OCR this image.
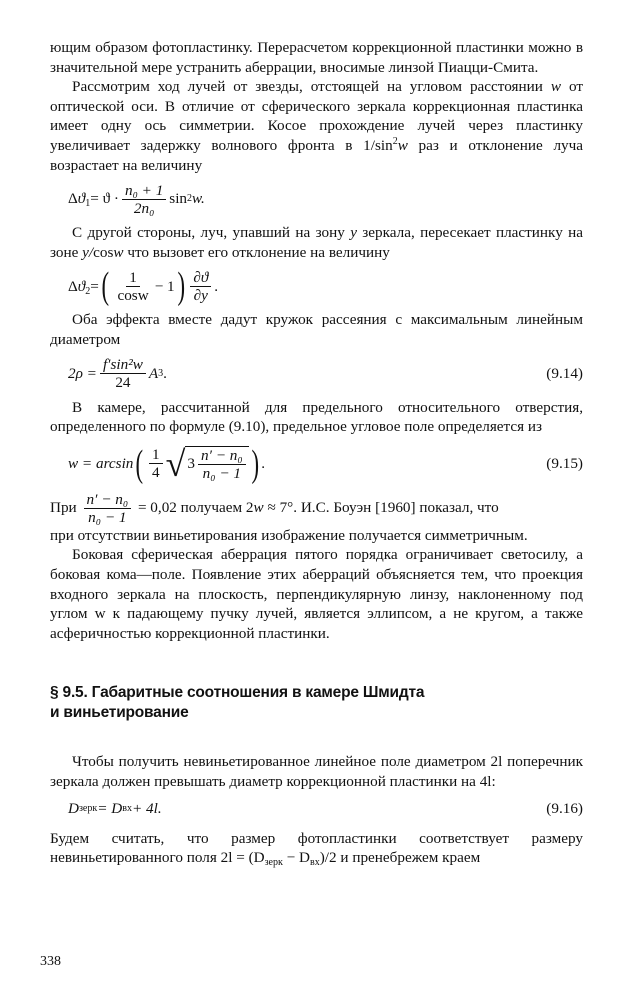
ющим образом фотопластинку. Перерасчетом коррекционной пластинки можно в значительной мере устранить аберрации, вносимые линзой Пиацци-Смита.

Рассмотрим ход лучей от звезды, отстоящей на угловом расстоянии w от оптической оси. В отличие от сферического зеркала коррекционная пластинка имеет одну ось симметрии. Косое прохождение лучей через пластинку увеличивает задержку волнового фронта в $1/\sin^2w$ раз и отклонение луча возрастает на величину

$\Delta ϑ_1 = ϑ \cdot \frac{\text{n₀ + 1}}{\text{2n₀}}$ sin 2 w.

С другой стороны, луч, упавший на зону y зеркала, пересекает пластинку на зоне y/cosw что вызовет его отклонение на величину

$\Delta ϑ_2$ = ( $\frac{1}{\cos w} - 1$ ) $\frac{\partial ϑ}{\partial y}$ .

Оба эффекта вместе дадут кружок рассеяния с максимальным линейным диаметром

$2\rho = \frac{\text{f′sin²w}}{24}$ A 3 .	(9.14)

В камере, рассчитанной для предельного относительного отверстия, определенного по формуле (9.10), предельное угловое поле определяется из

w = arcsin ( $\frac{1}{4}$ √ $3 \frac{\text{n′ − n₀}}{\text{n₀ − 1}}$ ) .	(9.15)

При $\frac{\text{n′ − n₀}}{\text{n₀ − 1}} = 0,02$ получаем 2w ≈ 7°. И.С. Боуэн [1960] показал, что

при отсутствии виньетирования изображение получается симметричным.

Боковая сферическая аберрация пятого порядка ограничивает светосилу, а боковая кома—поле. Появление этих аберраций объясняется тем, что проекция входного зеркала на плоскость, перпендикулярную линзу, наклоненному под углом w к падающему пучку лучей, является эллипсом, а не кругом, а также асферичностью коррекционной пластинки.

§ 9.5. Габаритные соотношения в камере Шмидта
и виньетирование

Чтобы получить невиньетированное линейное поле диаметром 2l поперечник зеркала должен превышать диаметр коррекционной пластинки на 4l:

D зерк = D вх + 4l.	(9.16)

Будем считать, что размер фотопластинки соответствует размеру невиньетированного поля $2l = (D_{зерк} - D_{вх})/2$ и пренебрежем краем

338
